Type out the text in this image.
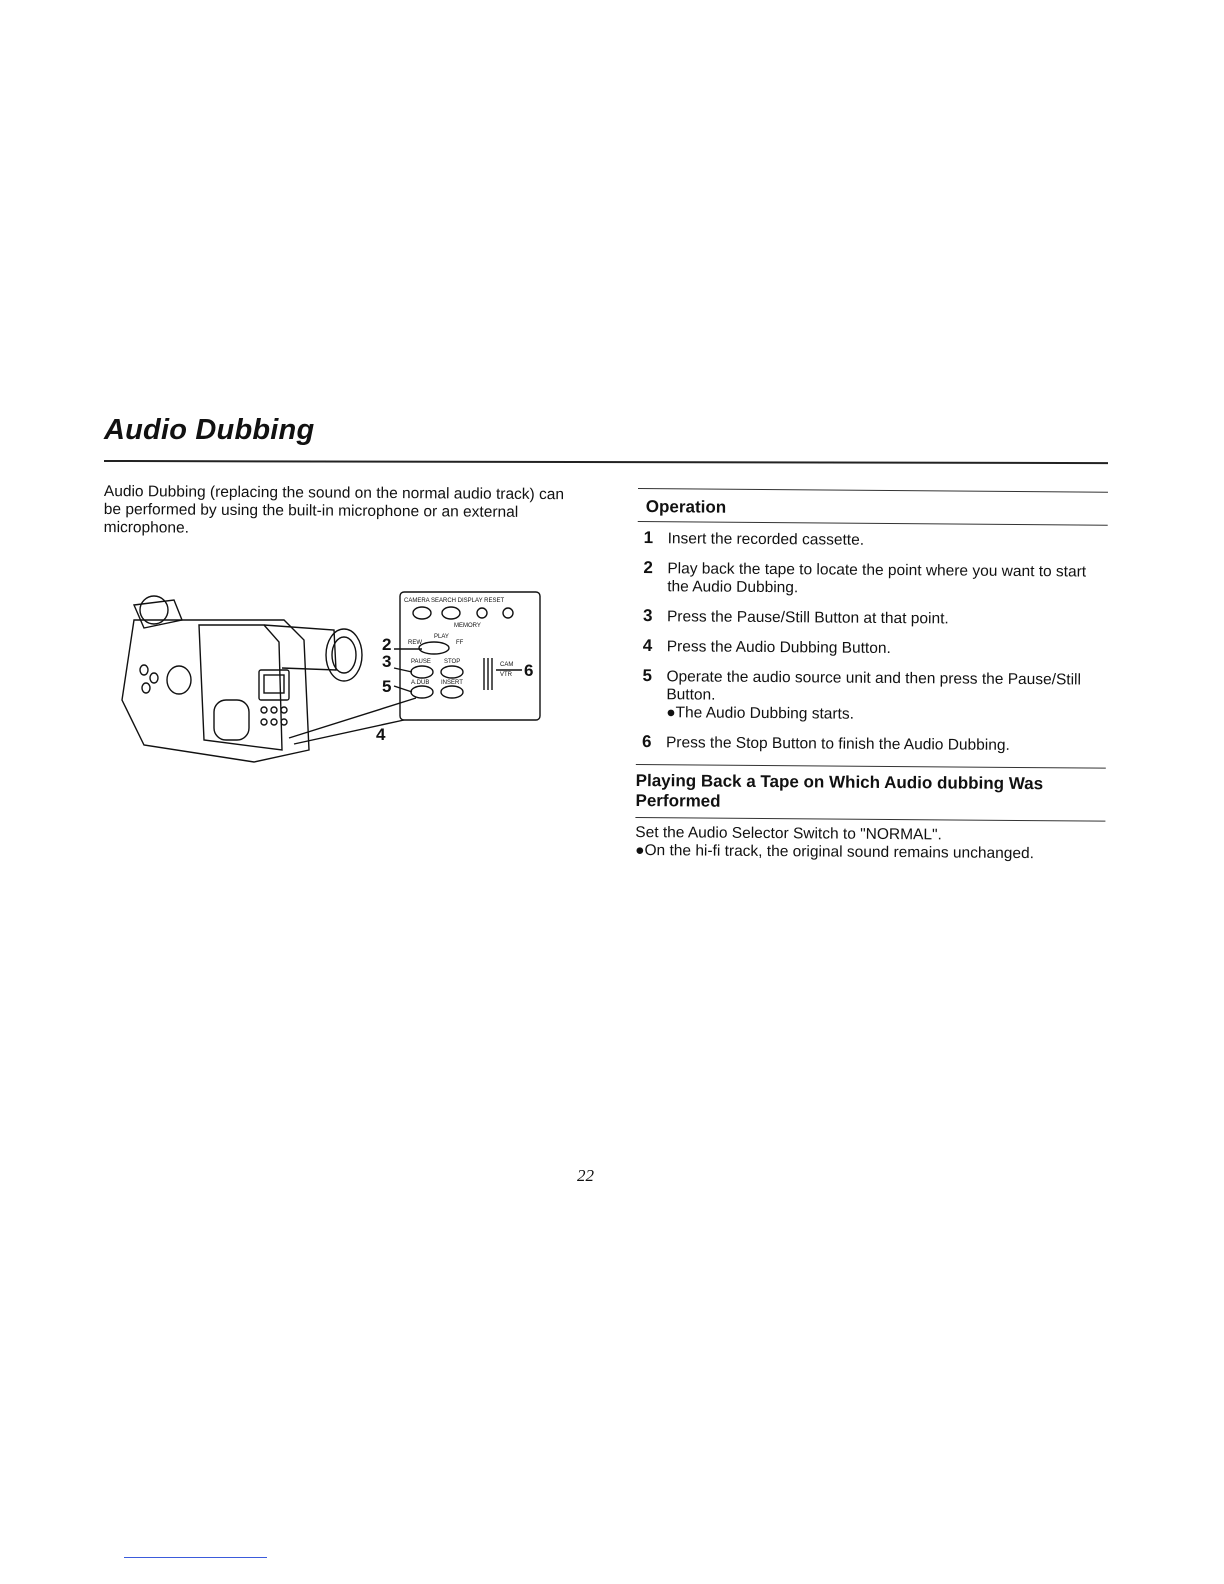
Audio Dubbing

Audio Dubbing (replacing the sound on the normal audio track) can be performed by using the built-in microphone or an external microphone.

CAMERA SEARCH DISPLAY RESET
MEMORY
PLAY
REW	FF
PAUSE STOP
A.DUB INSERT
CAM
VTR
2
3
5
4
6
Operation
1 Insert the recorded cassette.
2 Play back the tape to locate the point where you want to start the Audio Dubbing.
3 Press the Pause/Still Button at that point.
4 Press the Audio Dubbing Button.
5 Operate the audio source unit and then press the Pause/Still Button.
●The Audio Dubbing starts.
6 Press the Stop Button to finish the Audio Dubbing.
Playing Back a Tape on Which Audio dubbing Was Performed

Set the Audio Selector Switch to "NORMAL".
●On the hi-fi track, the original sound remains unchanged.

22
